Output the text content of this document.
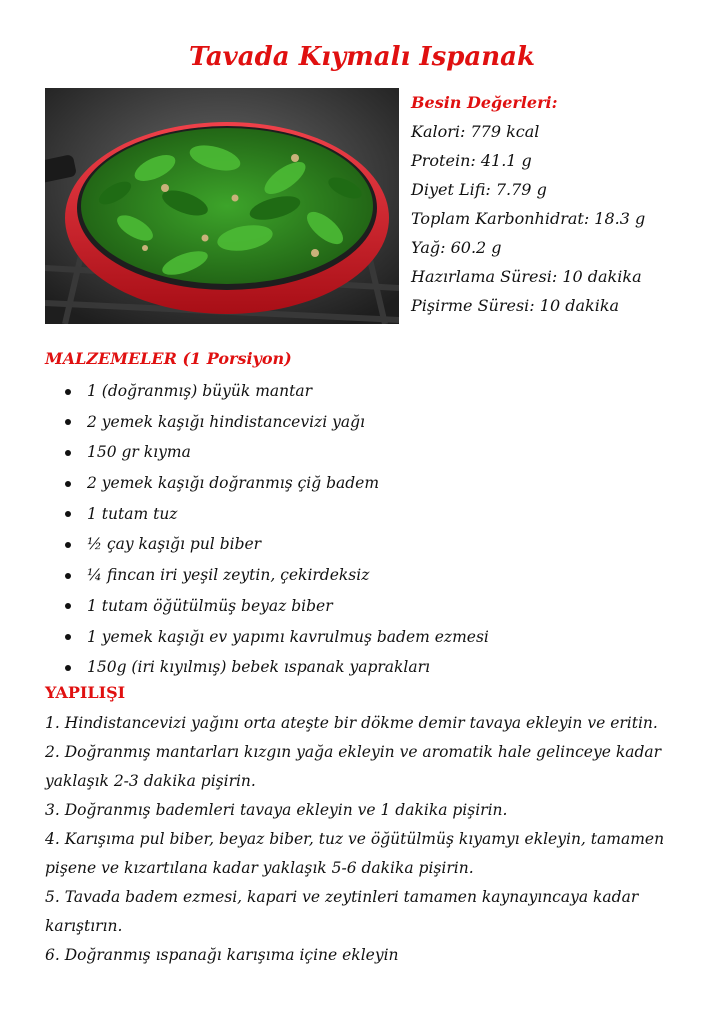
Tavada Kıymalı Ispanak
Besin Değerleri:
Kalori: 779 kcal
Protein: 41.1 g
Diyet Lifi: 7.79 g
Toplam Karbonhidrat: 18.3 g
Yağ: 60.2 g
Hazırlama Süresi: 10 dakika
Pişirme Süresi: 10 dakika
MALZEMELER (1 Porsiyon)
1 (doğranmış) büyük mantar
2 yemek kaşığı hindistancevizi yağı
150 gr kıyma
2 yemek kaşığı doğranmış çiğ badem
1 tutam tuz
½ çay kaşığı pul biber
¼ fincan iri yeşil zeytin, çekirdeksiz
1 tutam öğütülmüş beyaz biber
1 yemek kaşığı ev yapımı kavrulmuş badem ezmesi
150g (iri kıyılmış) bebek ıspanak yaprakları
YAPILIŞI

1. Hindistancevizi yağını orta ateşte bir dökme demir tavaya ekleyin ve eritin.

2. Doğranmış mantarları kızgın yağa ekleyin ve aromatik hale gelinceye kadar

yaklaşık 2-3 dakika pişirin.

3. Doğranmış bademleri tavaya ekleyin ve 1 dakika pişirin.

4. Karışıma pul biber, beyaz biber, tuz ve öğütülmüş kıyamyı ekleyin, tamamen

pişene ve kızartılana kadar yaklaşık 5-6 dakika pişirin.

5. Tavada badem ezmesi, kapari ve zeytinleri tamamen kaynayıncaya kadar

karıştırın.

6. Doğranmış ıspanağı karışıma içine ekleyin
